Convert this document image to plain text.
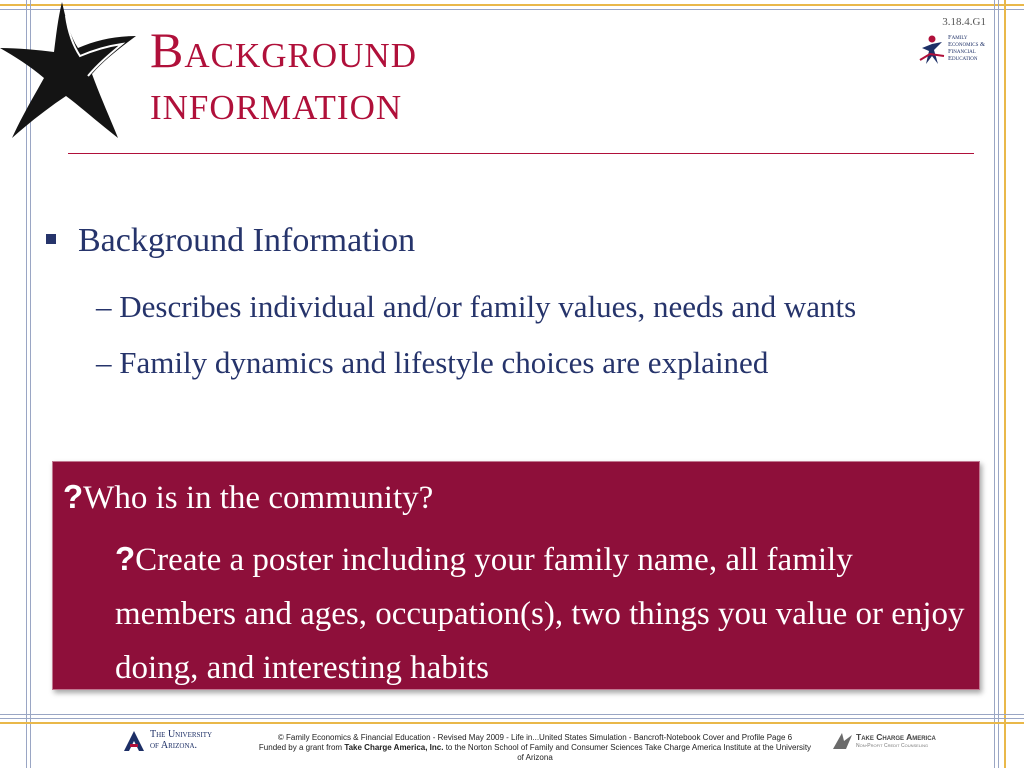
Background
information
3.18.4.G1
Family
Economics &
Financial
Education
Background Information
– Describes individual and/or family values, needs and wants
– Family dynamics and lifestyle choices are explained
?Who is in the community?
?Create a poster including your family name, all family members and ages, occupation(s), two things you value or enjoy doing, and interesting habits
The University
of Arizona.
© Family Economics & Financial Education - Revised May 2009 - Life in...United States Simulation - Bancroft-Notebook Cover and Profile Page 6
Funded by a grant from Take Charge America, Inc. to the Norton School of Family and Consumer Sciences Take Charge America Institute at the University
of Arizona
Take Charge America
Non-Profit Credit Counseling
